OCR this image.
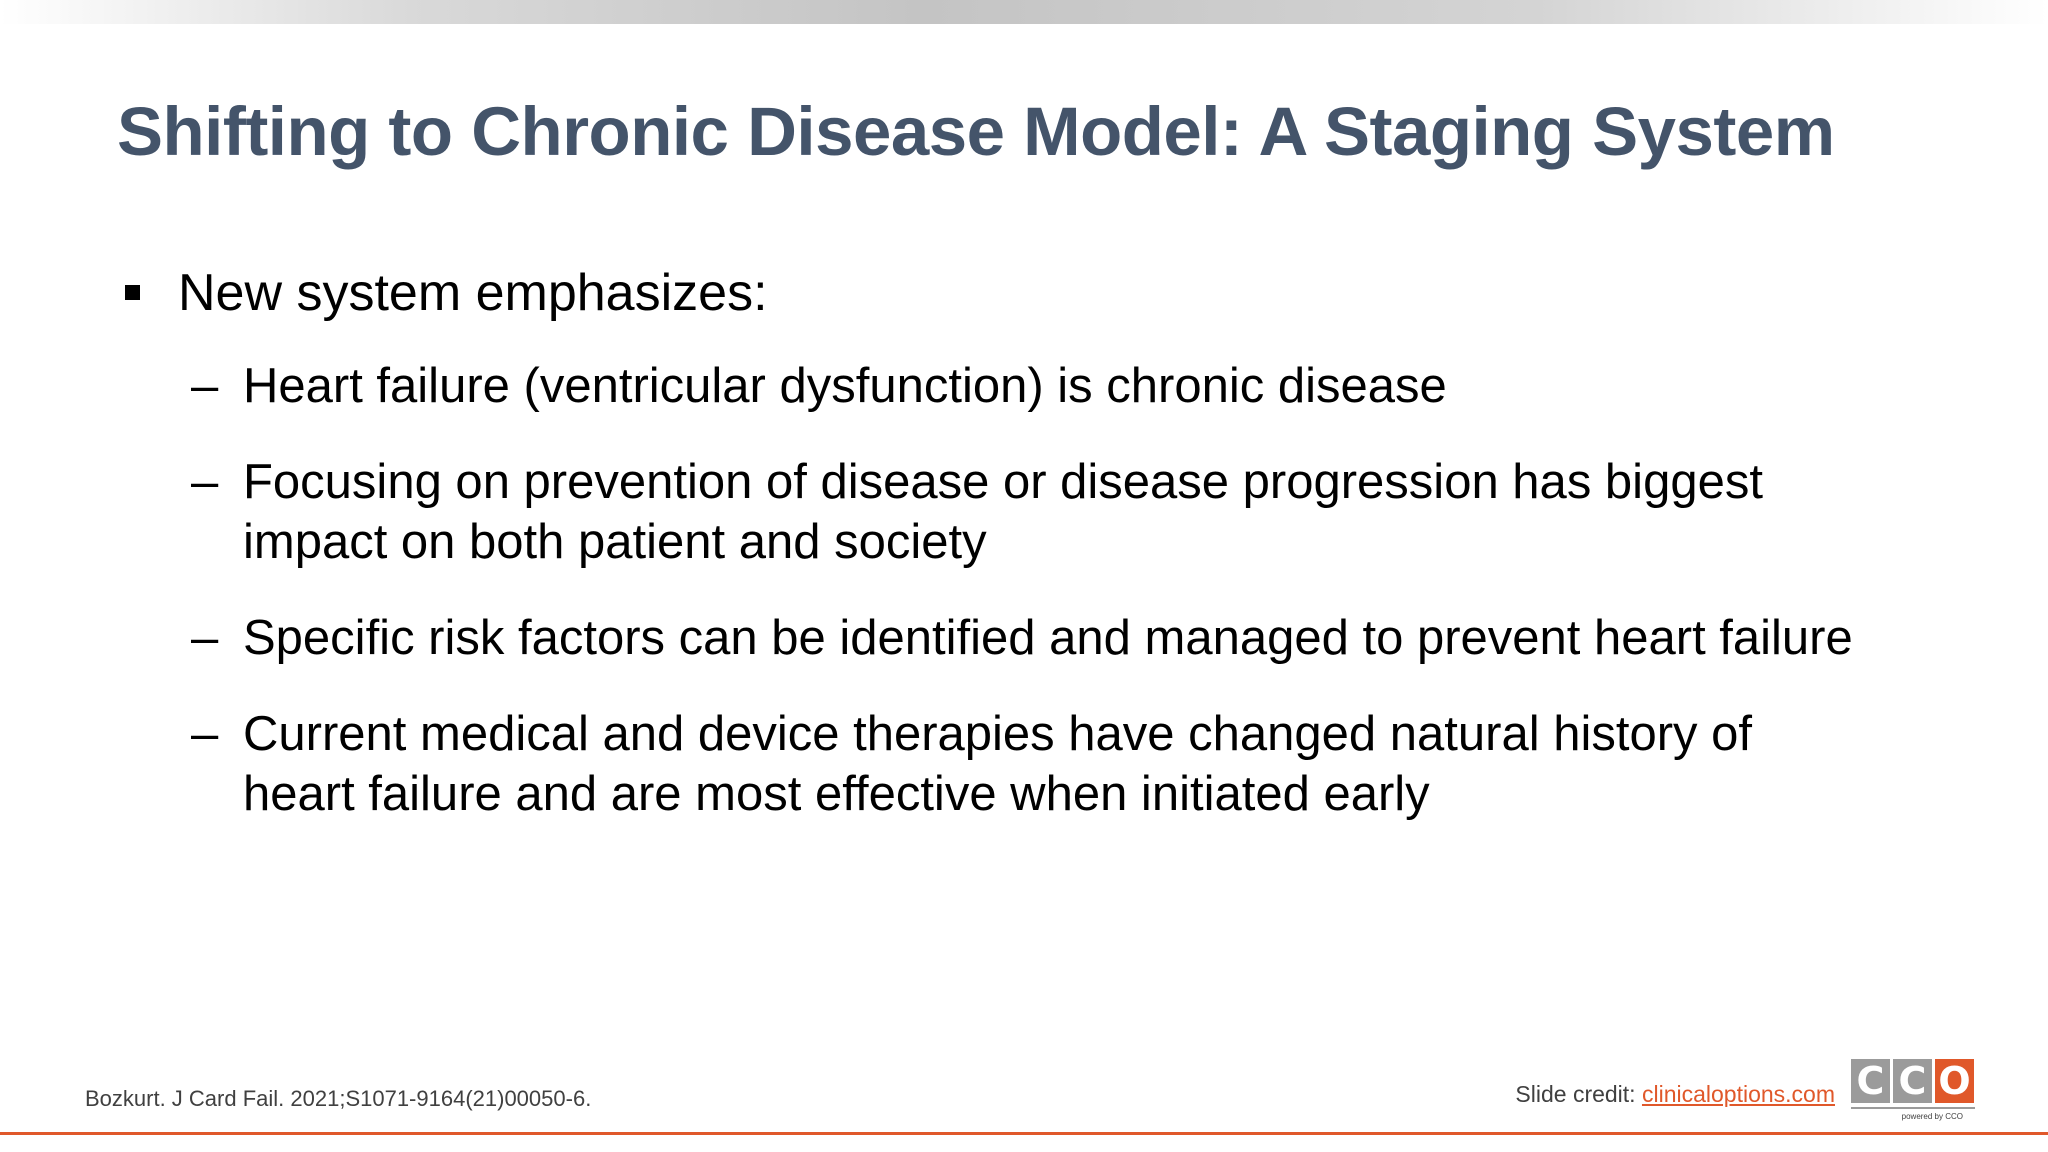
Shifting to Chronic Disease Model: A Staging System
New system emphasizes:
– Heart failure (ventricular dysfunction) is chronic disease
– Focusing on prevention of disease or disease progression has biggest impact on both patient and society
– Specific risk factors can be identified and managed to prevent heart failure
– Current medical and device therapies have changed natural history of heart failure and are most effective when initiated early
Bozkurt. J Card Fail. 2021;S1071-9164(21)00050-6.	Slide credit: clinicaloptions.com C C O
powered by CCO
